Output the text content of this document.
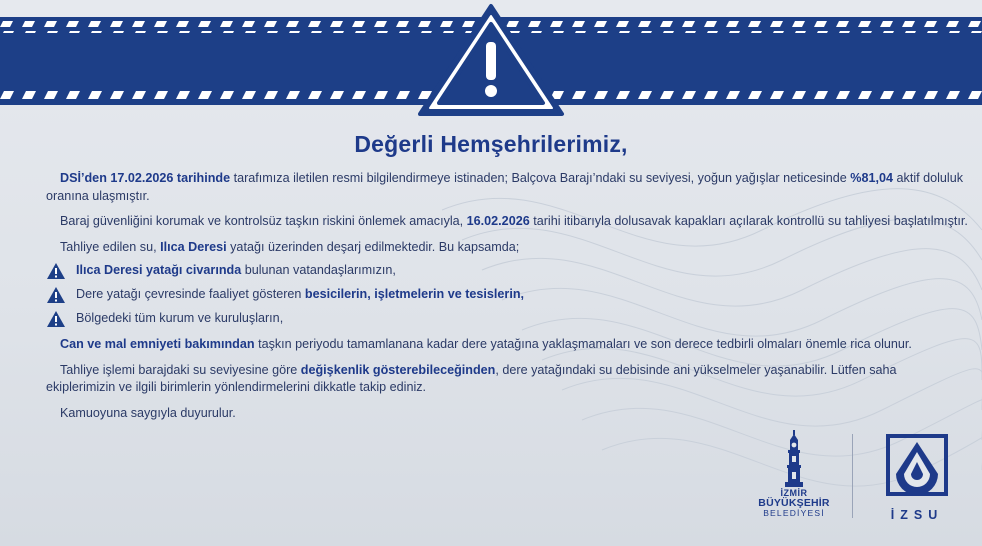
Değerli Hemşehrilerimiz,

DSİ’den 17.02.2026 tarihinde tarafımıza iletilen resmi bilgilendirmeye istinaden; Balçova Barajı’ndaki su seviyesi, yoğun yağışlar neticesinde %81,04 aktif doluluk oranına ulaşmıştır.

Baraj güvenliğini korumak ve kontrolsüz taşkın riskini önlemek amacıyla, 16.02.2026 tarihi itibarıyla dolusavak kapakları açılarak kontrollü su tahliyesi başlatılmıştır.

Tahliye edilen su, Ilıca Deresi yatağı üzerinden deşarj edilmektedir. Bu kapsamda;

Ilıca Deresi yatağı civarında bulunan vatandaşlarımızın,

Dere yatağı çevresinde faaliyet gösteren besicilerin, işletmelerin ve tesislerin,

Bölgedeki tüm kurum ve kuruluşların,

Can ve mal emniyeti bakımından taşkın periyodu tamamlanana kadar dere yatağına yaklaşmamaları ve son derece tedbirli olmaları önemle rica olunur.

Tahliye işlemi barajdaki su seviyesine göre değişkenlik gösterebileceğinden, dere yatağındaki su debisinde ani yükselmeler yaşanabilir. Lütfen saha ekiplerimizin ve ilgili birimlerin yönlendirmelerini dikkatle takip ediniz.

Kamuoyuna saygıyla duyurulur.

İZMİR
BÜYÜKŞEHİR
BELEDİYESİ	İZSU
